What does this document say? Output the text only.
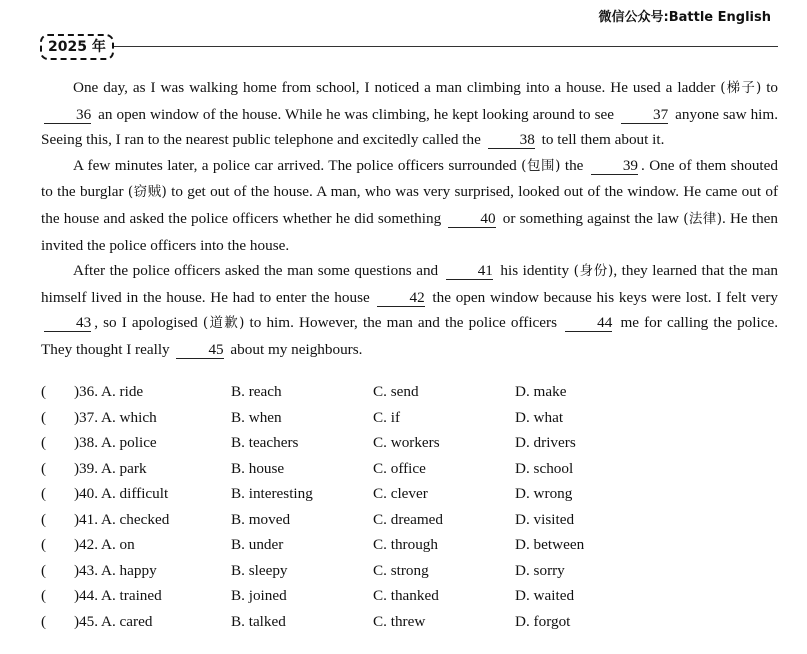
微信公众号:Battle English
2025 年

One day, as I was walking home from school, I noticed a man climbing into a house. He used a ladder (梯子) to 36 an open window of the house. While he was climbing, he kept looking around to see	37 anyone saw him. Seeing this, I ran to the nearest public telephone and excitedly called the	38 to tell them about it.

A few minutes later, a police car arrived. The police officers surrounded (包围) the	39 . One of them shouted to the burglar (窃贼) to get out of the house. A man, who was very surprised, looked out of the window. He came out of the house and asked the police officers whether he did something	40 or something against the law (法律). He then invited the police officers into the house.

After the police officers asked the man some questions and	41 his identity (身份), they learned that the man himself lived in the house. He had to enter the house	42 the open window because his keys were lost. I felt very 43 , so I apologised (道歉) to him. However, the man and the police officers	44 me for calling the police. They thought I really	45 about my neighbours.

( )36. A. ride	B. reach	C. send	D. make
( )37. A. which	B. when	C. if	D. what
( )38. A. police	B. teachers	C. workers	D. drivers
( )39. A. park	B. house	C. office	D. school
( )40. A. difficult	B. interesting	C. clever	D. wrong
( )41. A. checked	B. moved	C. dreamed	D. visited
( )42. A. on	B. under	C. through	D. between
( )43. A. happy	B. sleepy	C. strong	D. sorry
( )44. A. trained	B. joined	C. thanked	D. waited
( )45. A. cared	B. talked	C. threw	D. forgot
